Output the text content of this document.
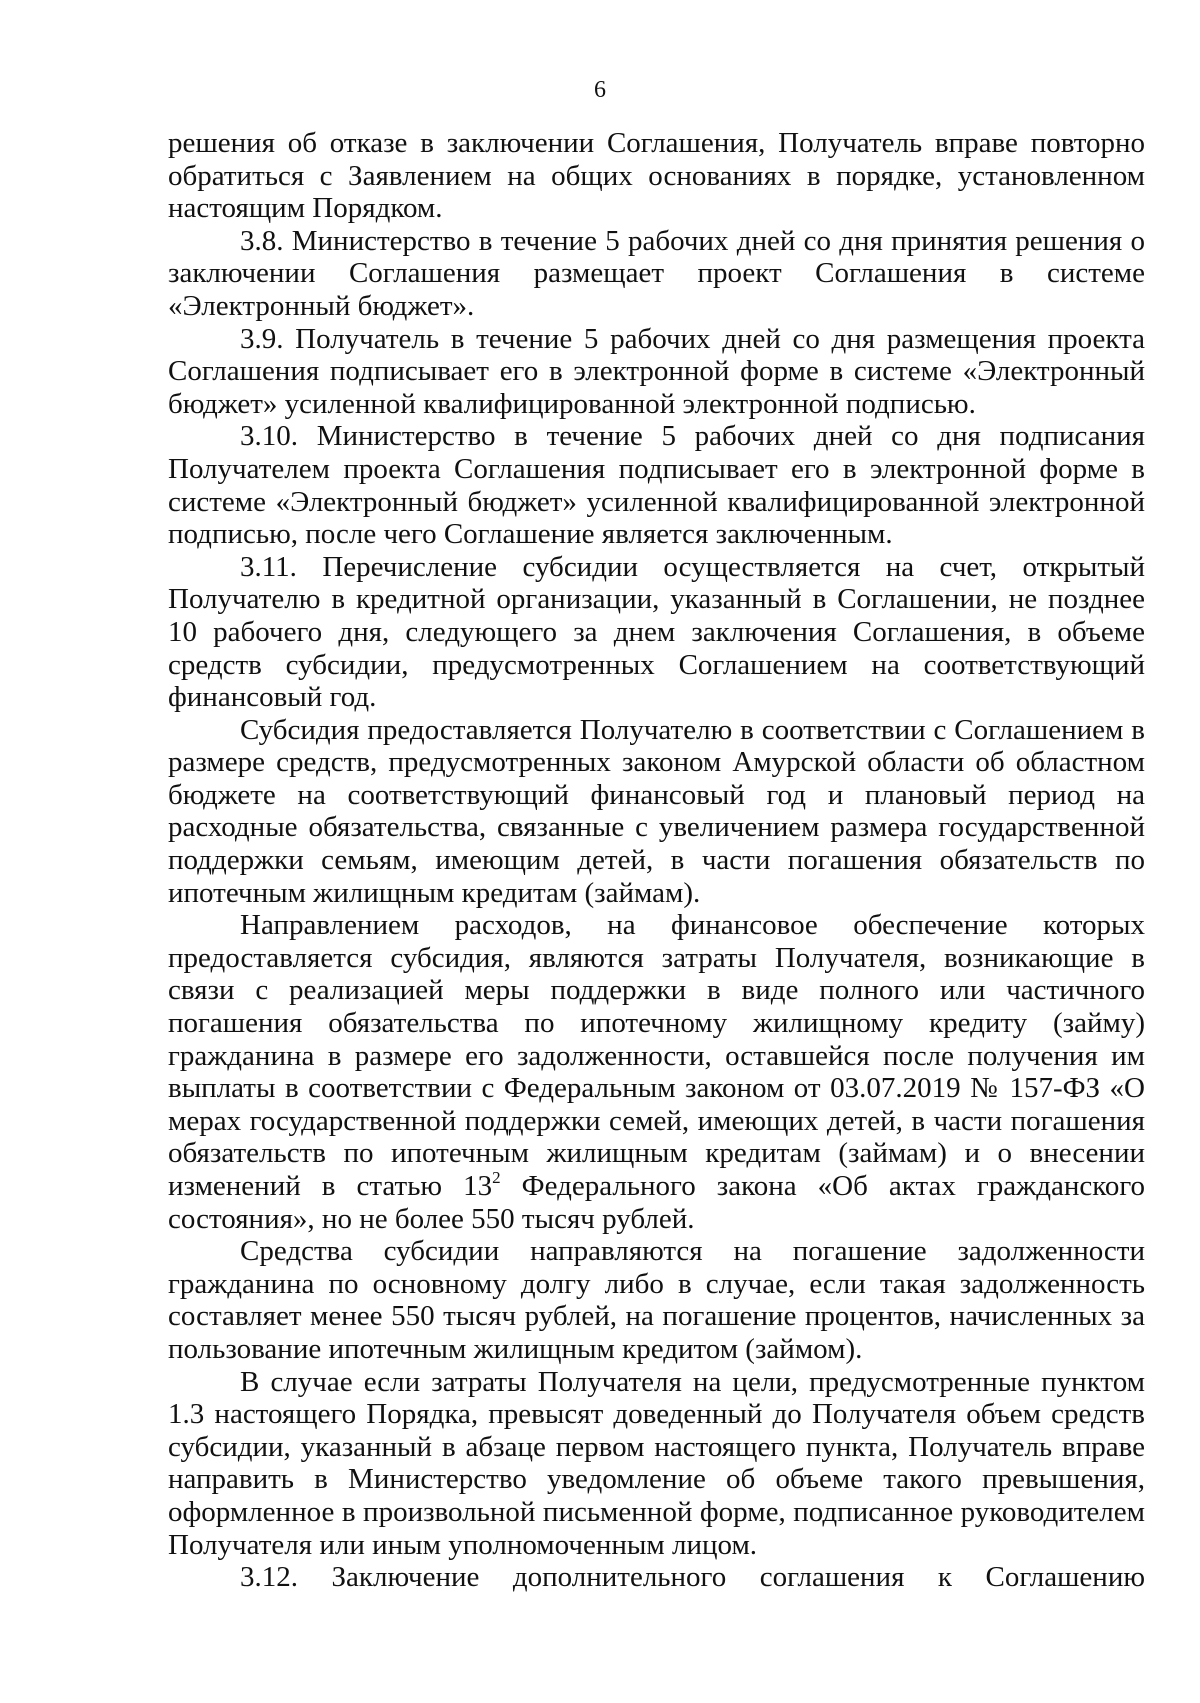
6

решения об отказе в заключении Соглашения, Получатель вправе повторно обратиться с Заявлением на общих основаниях в порядке, установленном настоящим Порядком.

3.8. Министерство в течение 5 рабочих дней со дня принятия решения о заключении Соглашения размещает проект Соглашения в системе «Электронный бюджет».

3.9. Получатель в течение 5 рабочих дней со дня размещения проекта Соглашения подписывает его в электронной форме в системе «Электронный бюджет» усиленной квалифицированной электронной подписью.

3.10. Министерство в течение 5 рабочих дней со дня подписания Получателем проекта Соглашения подписывает его в электронной форме в системе «Электронный бюджет» усиленной квалифицированной электронной подписью, после чего Соглашение является заключенным.

3.11. Перечисление субсидии осуществляется на счет, открытый Получателю в кредитной организации, указанный в Соглашении, не позднее 10 рабочего дня, следующего за днем заключения Соглашения, в объеме средств субсидии, предусмотренных Соглашением на соответствующий финансовый год.

Субсидия предоставляется Получателю в соответствии с Соглашением в размере средств, предусмотренных законом Амурской области об областном бюджете на соответствующий финансовый год и плановый период на расходные обязательства, связанные с увеличением размера государственной поддержки семьям, имеющим детей, в части погашения обязательств по ипотечным жилищным кредитам (займам).

Направлением расходов, на финансовое обеспечение которых предоставляется субсидия, являются затраты Получателя, возникающие в связи с реализацией меры поддержки в виде полного или частичного погашения обязательства по ипотечному жилищному кредиту (займу) гражданина в размере его задолженности, оставшейся после получения им выплаты в соответствии с Федеральным законом от 03.07.2019 № 157-ФЗ «О мерах государственной поддержки семей, имеющих детей, в части погашения обязательств по ипотечным жилищным кредитам (займам) и о внесении изменений в статью $13^2$ Федерального закона «Об актах гражданского состояния», но не более 550 тысяч рублей.

Средства субсидии направляются на погашение задолженности гражданина по основному долгу либо в случае, если такая задолженность составляет менее 550 тысяч рублей, на погашение процентов, начисленных за пользование ипотечным жилищным кредитом (займом).

В случае если затраты Получателя на цели, предусмотренные пунктом 1.3 настоящего Порядка, превысят доведенный до Получателя объем средств субсидии, указанный в абзаце первом настоящего пункта, Получатель вправе направить в Министерство уведомление об объеме такого превышения, оформленное в произвольной письменной форме, подписанное руководителем Получателя или иным уполномоченным лицом.

3.12. Заключение дополнительного соглашения к Соглашению
